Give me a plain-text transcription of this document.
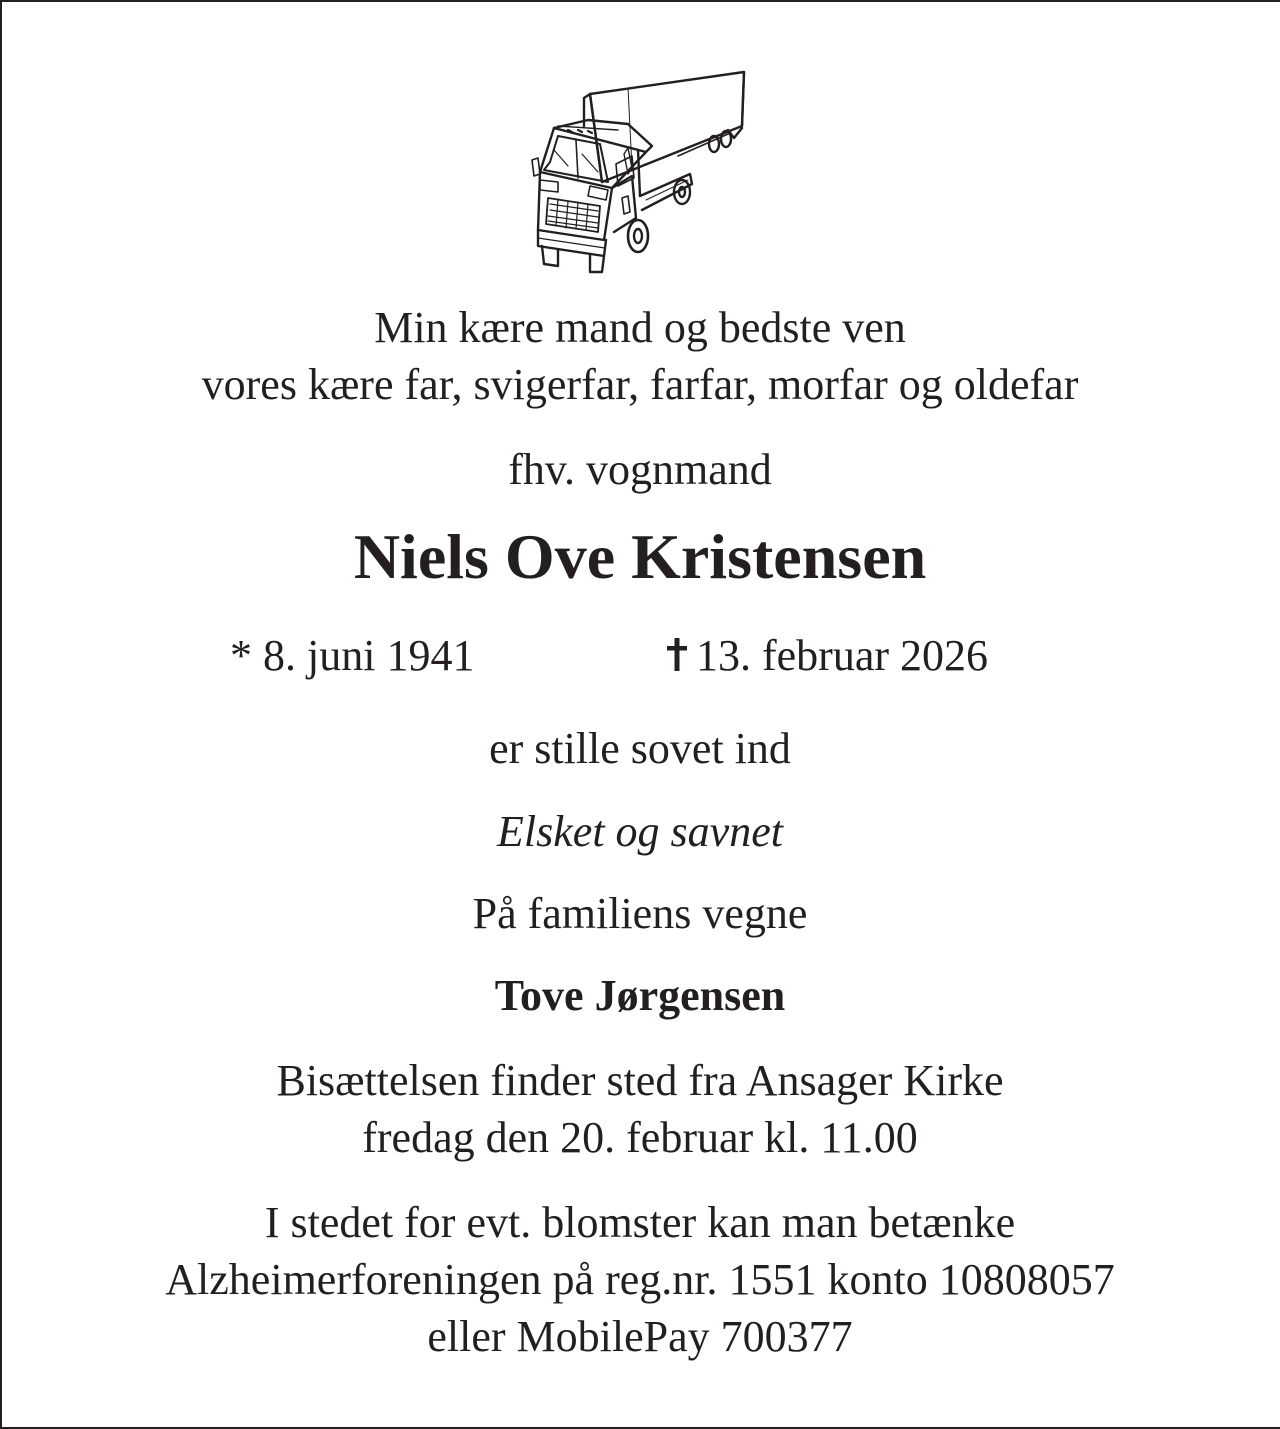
Min kære mand og bedste ven
vores kære far, svigerfar, farfar, morfar og oldefar
fhv. vognmand
Niels Ove Kristensen
* 8. juni 1941	13. februar 2026
er stille sovet ind
Elsket og savnet
På familiens vegne
Tove Jørgensen
Bisættelsen finder sted fra Ansager Kirke
fredag den 20. februar kl. 11.00
I stedet for evt. blomster kan man betænke
Alzheimerforeningen på reg.nr. 1551 konto 10808057
eller MobilePay 700377
